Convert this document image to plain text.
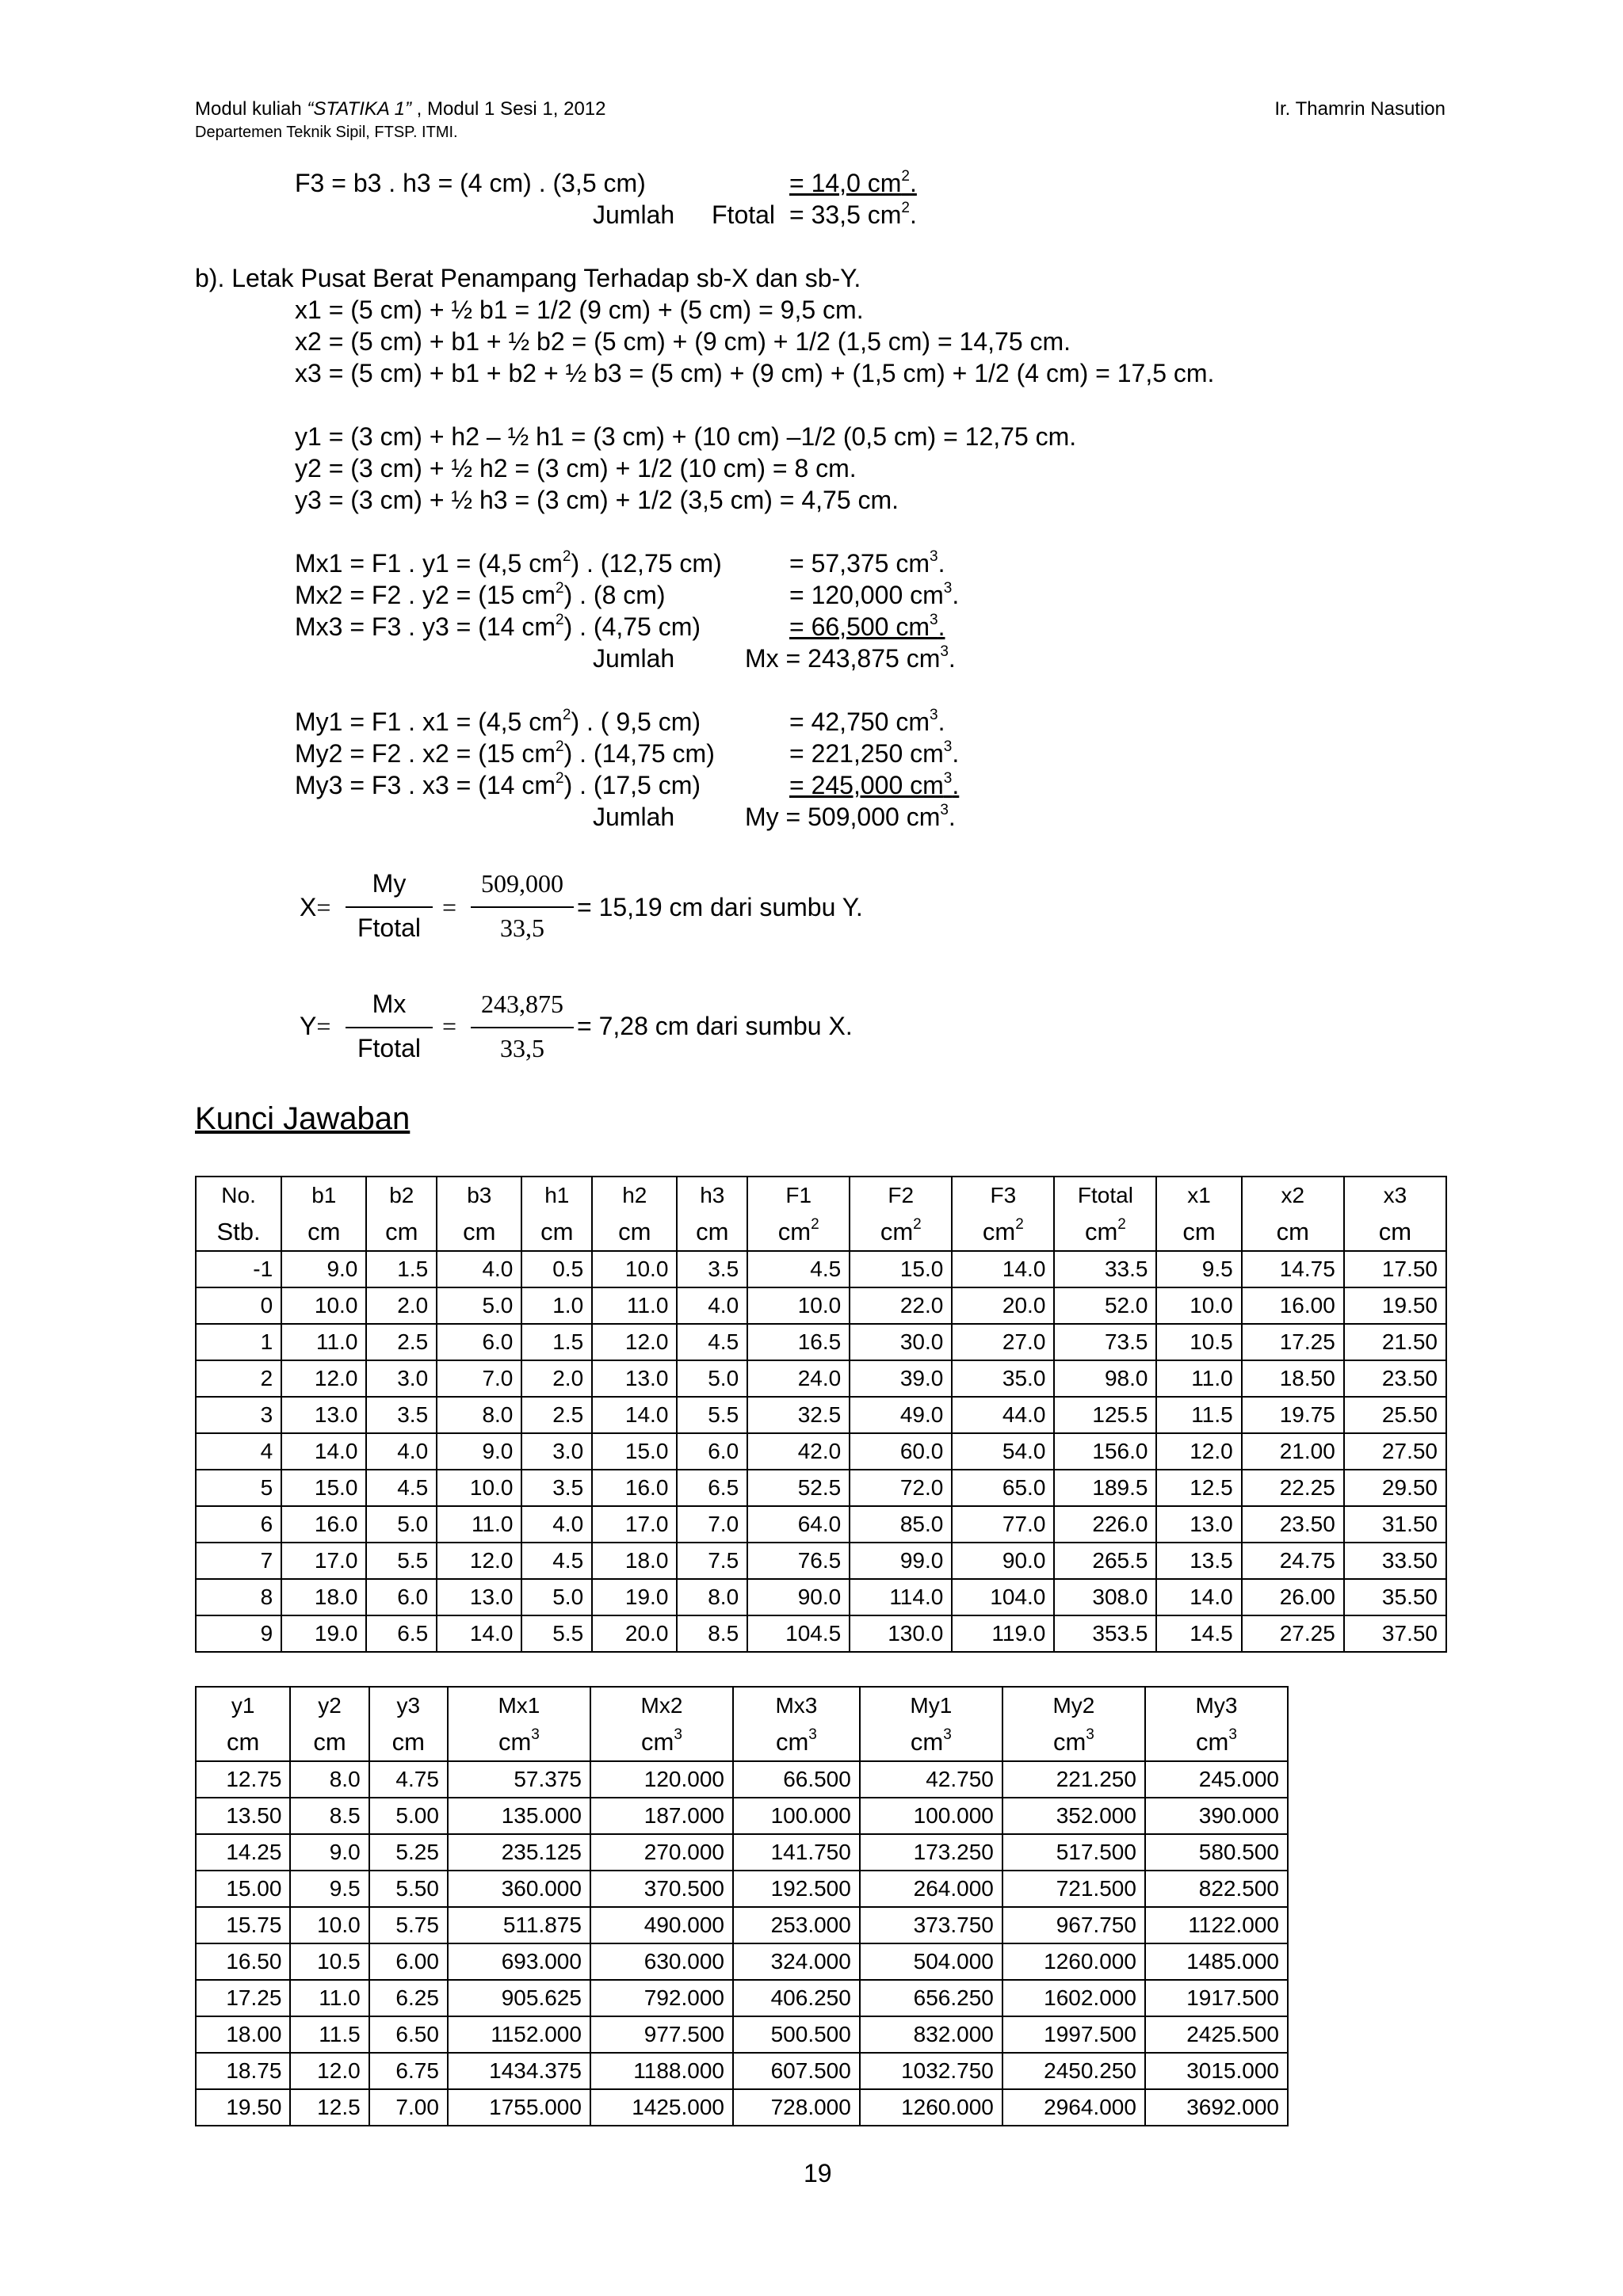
Modul kuliah “STATIKA 1” , Modul 1 Sesi 1, 2012	Ir. Thamrin Nasution
Departemen Teknik Sipil, FTSP. ITMI.
F3 = b3 . h3 = (4 cm) . (3,5 cm)	= 14,0 $cm^2$.
Jumlah Ftotal = 33,5 $cm^2$.
b). Letak Pusat Berat Penampang Terhadap sb-X dan sb-Y.
x1 = (5 cm) + ½ b1 = 1/2 (9 cm) + (5 cm) = 9,5 cm.
x2 = (5 cm) + b1 + ½ b2 = (5 cm) + (9 cm) + 1/2 (1,5 cm) = 14,75 cm.
x3 = (5 cm) + b1 + b2 + ½ b3 = (5 cm) + (9 cm) + (1,5 cm) + 1/2 (4 cm) = 17,5 cm.
y1 = (3 cm) + h2 – ½ h1 = (3 cm) + (10 cm) –1/2 (0,5 cm) = 12,75 cm.
y2 = (3 cm) + ½ h2 = (3 cm) + 1/2 (10 cm) = 8 cm.
y3 = (3 cm) + ½ h3 = (3 cm) + 1/2 (3,5 cm) = 4,75 cm.
Mx1 = F1 . y1 = (4,5 $cm^2$) . (12,75 cm)	= 57,375 $cm^3$.
Mx2 = F2 . y2 = (15 $cm^2$) . (8 cm)	= 120,000 $cm^3$.
Mx3 = F3 . y3 = (14 $cm^2$) . (4,75 cm)	= 66,500 $cm^3$.
Jumlah	Mx = 243,875 $cm^3$.
My1 = F1 . x1 = (4,5 $cm^2$) . ( 9,5 cm)	= 42,750 $cm^3$.
My2 = F2 . x2 = (15 $cm^2$) . (14,75 cm)	= 221,250 $cm^3$.
My3 = F3 . x3 = (14 $cm^2$) . (17,5 cm)	= 245,000 $cm^3$.
Jumlah	My = 509,000 $cm^3$.
X=
My
Ftotal
=
509,000
33,5
= 15,19 cm dari sumbu Y.
Y=
Mx
Ftotal
=
243,875
33,5
= 7,28 cm dari sumbu X.
Kunci Jawaban
No.	b1	b2	b3	h1	h2	h3	F1	F2	F3	Ftotal	x1	x2	x3
Stb.	cm	cm	cm	cm	cm	cm	$cm^2$	$cm^2$	$cm^2$	$cm^2$	cm	cm	cm
-1	9.0	1.5	4.0	0.5	10.0	3.5	4.5	15.0	14.0	33.5	9.5	14.75	17.50
0	10.0	2.0	5.0	1.0	11.0	4.0	10.0	22.0	20.0	52.0	10.0	16.00	19.50
1	11.0	2.5	6.0	1.5	12.0	4.5	16.5	30.0	27.0	73.5	10.5	17.25	21.50
2	12.0	3.0	7.0	2.0	13.0	5.0	24.0	39.0	35.0	98.0	11.0	18.50	23.50
3	13.0	3.5	8.0	2.5	14.0	5.5	32.5	49.0	44.0	125.5	11.5	19.75	25.50
4	14.0	4.0	9.0	3.0	15.0	6.0	42.0	60.0	54.0	156.0	12.0	21.00	27.50
5	15.0	4.5	10.0	3.5	16.0	6.5	52.5	72.0	65.0	189.5	12.5	22.25	29.50
6	16.0	5.0	11.0	4.0	17.0	7.0	64.0	85.0	77.0	226.0	13.0	23.50	31.50
7	17.0	5.5	12.0	4.5	18.0	7.5	76.5	99.0	90.0	265.5	13.5	24.75	33.50
8	18.0	6.0	13.0	5.0	19.0	8.0	90.0	114.0	104.0	308.0	14.0	26.00	35.50
9	19.0	6.5	14.0	5.5	20.0	8.5	104.5	130.0	119.0	353.5	14.5	27.25	37.50
y1	y2	y3	Mx1	Mx2	Mx3	My1	My2	My3
cm	cm	cm	$cm^3$	$cm^3$	$cm^3$	$cm^3$	$cm^3$	$cm^3$
12.75	8.0	4.75	57.375	120.000	66.500	42.750	221.250	245.000
13.50	8.5	5.00	135.000	187.000	100.000	100.000	352.000	390.000
14.25	9.0	5.25	235.125	270.000	141.750	173.250	517.500	580.500
15.00	9.5	5.50	360.000	370.500	192.500	264.000	721.500	822.500
15.75	10.0	5.75	511.875	490.000	253.000	373.750	967.750	1122.000
16.50	10.5	6.00	693.000	630.000	324.000	504.000	1260.000	1485.000
17.25	11.0	6.25	905.625	792.000	406.250	656.250	1602.000	1917.500
18.00	11.5	6.50	1152.000	977.500	500.500	832.000	1997.500	2425.500
18.75	12.0	6.75	1434.375	1188.000	607.500	1032.750	2450.250	3015.000
19.50	12.5	7.00	1755.000	1425.000	728.000	1260.000	2964.000	3692.000
19
